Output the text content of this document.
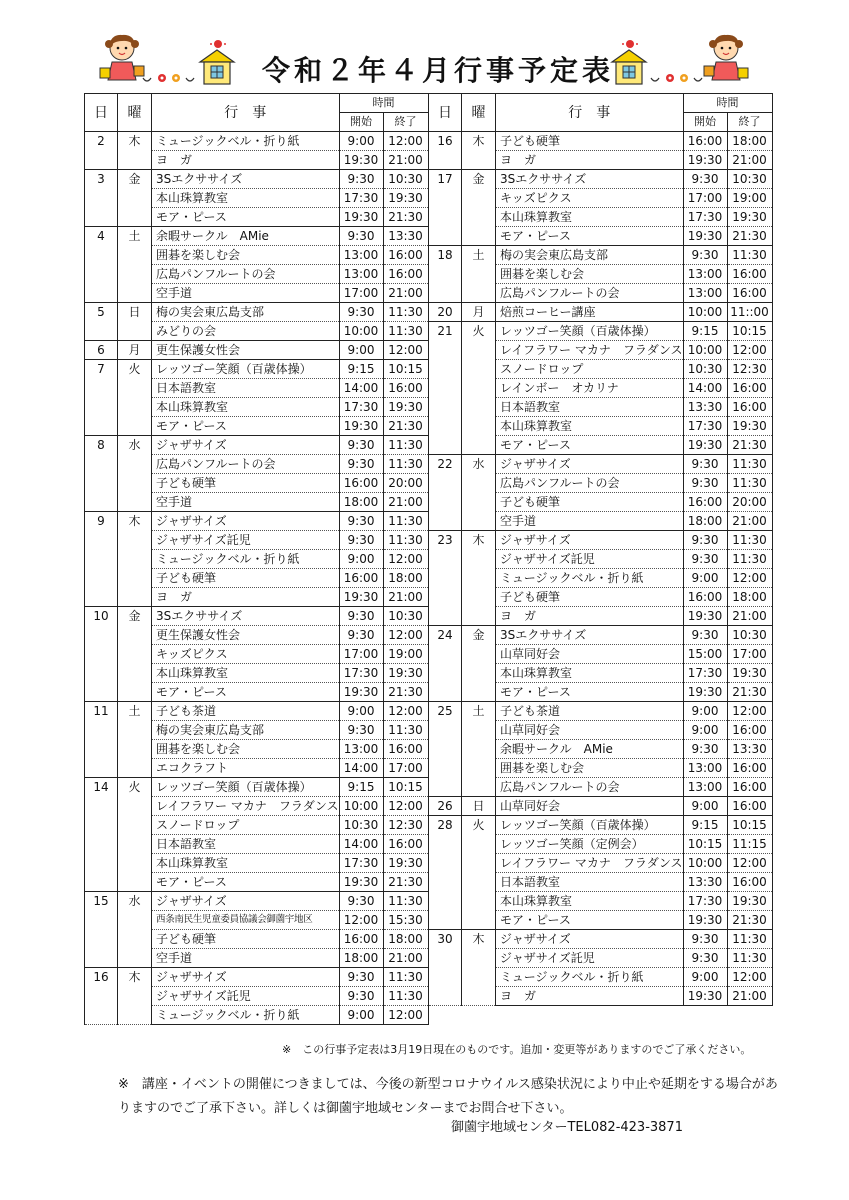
令和２年４月行事予定表
日	曜	行　事	時間	
			開始	終了
2	木	ミュージックベル・折り紙	9:00	12:00
		ヨ　ガ	19:30	21:00
3	金	3Sエクササイズ	9:30	10:30
		本山珠算教室	17:30	19:30
		モア・ピース	19:30	21:30
4	土	余暇サークル　AMie	9:30	13:30
		囲碁を楽しむ会	13:00	16:00
		広島パンフルートの会	13:00	16:00
		空手道	17:00	21:00
5	日	梅の実会東広島支部	9:30	11:30
		みどりの会	10:00	11:30
6	月	更生保護女性会	9:00	12:00
7	火	レッツゴー笑顔（百歳体操）	9:15	10:15
		日本語教室	14:00	16:00
		本山珠算教室	17:30	19:30
		モア・ピース	19:30	21:30
8	水	ジャザサイズ	9:30	11:30
		広島パンフルートの会	9:30	11:30
		子ども硬筆	16:00	20:00
		空手道	18:00	21:00
9	木	ジャザサイズ	9:30	11:30
		ジャザサイズ託児	9:30	11:30
		ミュージックベル・折り紙	9:00	12:00
		子ども硬筆	16:00	18:00
		ヨ　ガ	19:30	21:00
10	金	3Sエクササイズ	9:30	10:30
		更生保護女性会	9:30	12:00
		キッズピクス	17:00	19:00
		本山珠算教室	17:30	19:30
		モア・ピース	19:30	21:30
11	土	子ども茶道	9:00	12:00
		梅の実会東広島支部	9:30	11:30
		囲碁を楽しむ会	13:00	16:00
		エコクラフト	14:00	17:00
14	火	レッツゴー笑顔（百歳体操）	9:15	10:15
		レイフラワー マカナ　フラダンス	10:00	12:00
		スノードロップ	10:30	12:30
		日本語教室	14:00	16:00
		本山珠算教室	17:30	19:30
		モア・ピース	19:30	21:30
15	水	ジャザサイズ	9:30	11:30
		西条南民生児童委員協議会御薗宇地区	12:00	15:30
		子ども硬筆	16:00	18:00
		空手道	18:00	21:00
16	木	ジャザサイズ	9:30	11:30
		ジャザサイズ託児	9:30	11:30
		ミュージックベル・折り紙	9:00	12:00
日	曜	行　事	時間	
			開始	終了
16	木	子ども硬筆	16:00	18:00
		ヨ　ガ	19:30	21:00
17	金	3Sエクササイズ	9:30	10:30
		キッズピクス	17:00	19:00
		本山珠算教室	17:30	19:30
		モア・ピース	19:30	21:30
18	土	梅の実会東広島支部	9:30	11:30
		囲碁を楽しむ会	13:00	16:00
		広島パンフルートの会	13:00	16:00
20	月	焙煎コーヒー講座	10:00	11::00
21	火	レッツゴー笑顔（百歳体操）	9:15	10:15
		レイフラワー マカナ　フラダンス	10:00	12:00
		スノードロップ	10:30	12:30
		レインボー　オカリナ	14:00	16:00
		日本語教室	13:30	16:00
		本山珠算教室	17:30	19:30
		モア・ピース	19:30	21:30
22	水	ジャザサイズ	9:30	11:30
		広島パンフルートの会	9:30	11:30
		子ども硬筆	16:00	20:00
		空手道	18:00	21:00
23	木	ジャザサイズ	9:30	11:30
		ジャザサイズ託児	9:30	11:30
		ミュージックベル・折り紙	9:00	12:00
		子ども硬筆	16:00	18:00
		ヨ　ガ	19:30	21:00
24	金	3Sエクササイズ	9:30	10:30
		山草同好会	15:00	17:00
		本山珠算教室	17:30	19:30
		モア・ピース	19:30	21:30
25	土	子ども茶道	9:00	12:00
		山草同好会	9:00	16:00
		余暇サークル　AMie	9:30	13:30
		囲碁を楽しむ会	13:00	16:00
		広島パンフルートの会	13:00	16:00
26	日	山草同好会	9:00	16:00
28	火	レッツゴー笑顔（百歳体操）	9:15	10:15
		レッツゴー笑顔（定例会）	10:15	11:15
		レイフラワー マカナ　フラダンス	10:00	12:00
		日本語教室	13:30	16:00
		本山珠算教室	17:30	19:30
		モア・ピース	19:30	21:30
30	木	ジャザサイズ	9:30	11:30
		ジャザサイズ託児	9:30	11:30
		ミュージックベル・折り紙	9:00	12:00
		ヨ　ガ	19:30	21:00
※　この行事予定表は3月19日現在のものです。追加・変更等がありますのでご了承ください。
※　講座・イベントの開催につきましては、今後の新型コロナウイルス感染状況により中止や延期をする場合がありますのでご了承下さい。詳しくは御薗宇地域センターまでお問合せ下さい。
御薗宇地域センターTEL082-423-3871
